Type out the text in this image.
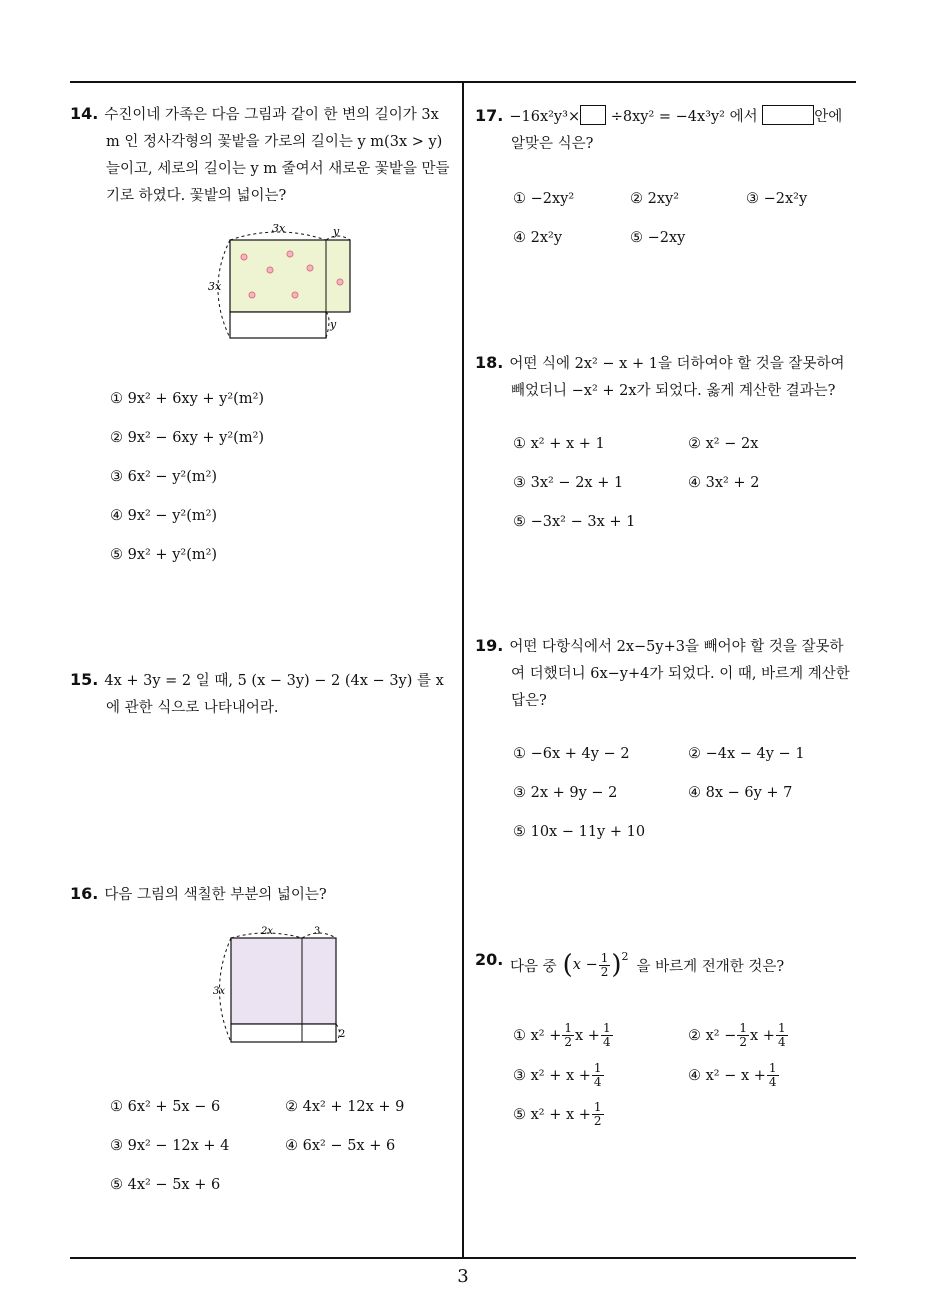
3
14. 수진이네 가족은 다음 그림과 같이 한 변의 길이가 3x m 인 정사각형의 꽃밭을 가로의 길이는 y m(3x > y) 늘이고, 세로의 길이는 y m 줄여서 새로운 꽃밭을 만들기로 하였다. 꽃밭의 넓이는?
3x	y
3x
y
① 9x² + 6xy + y²(m²)
② 9x² − 6xy + y²(m²)
③ 6x² − y²(m²)
④ 9x² − y²(m²)
⑤ 9x² + y²(m²)
15. 4x + 3y = 2 일 때, 5 (x − 3y) − 2 (4x − 3y) 를 x 에 관한 식으로 나타내어라.
16. 다음 그림의 색칠한 부분의 넓이는?
2x	3
3x
2
① 6x² + 5x − 6	② 4x² + 12x + 9
③ 9x² − 12x + 4	④ 6x² − 5x + 6
⑤ 4x² − 5x + 6
17. −16x²y³× ÷8xy² = −4x³y² 에서	안에
알맞은 식은?
① −2xy²	② 2xy²	③ −2x²y
④ 2x²y	⑤ −2xy
18. 어떤 식에 2x² − x + 1을 더하여야 할 것을 잘못하여
빼었더니 −x² + 2x가 되었다. 옳게 계산한 결과는?
① x² + x + 1	② x² − 2x
③ 3x² − 2x + 1	④ 3x² + 2
⑤ −3x² − 3x + 1
19. 어떤 다항식에서 2x−5y+3을 빼어야 할 것을 잘못하
여 더했더니 6x−y+4가 되었다. 이 때, 바르게 계산한
답은?
① −6x + 4y − 2	② −4x − 4y − 1
③ 2x + 9y − 2	④ 8x − 6y + 7
⑤ 10x − 11y + 10
20. 다음 중 ( $x - \frac{1}{2} )^2$
을 바르게 전개한 것은?
① $x^2 + \frac{1}{2}$ $x + \frac{1}{4}$	② $x^2 - \frac{1}{2}$ $x + \frac{1}{4}$
③ $x^2 + x + \frac{1}{4}$	④ $x^2 - x + \frac{1}{4}$
⑤ $x^2 + x + \frac{1}{2}$
